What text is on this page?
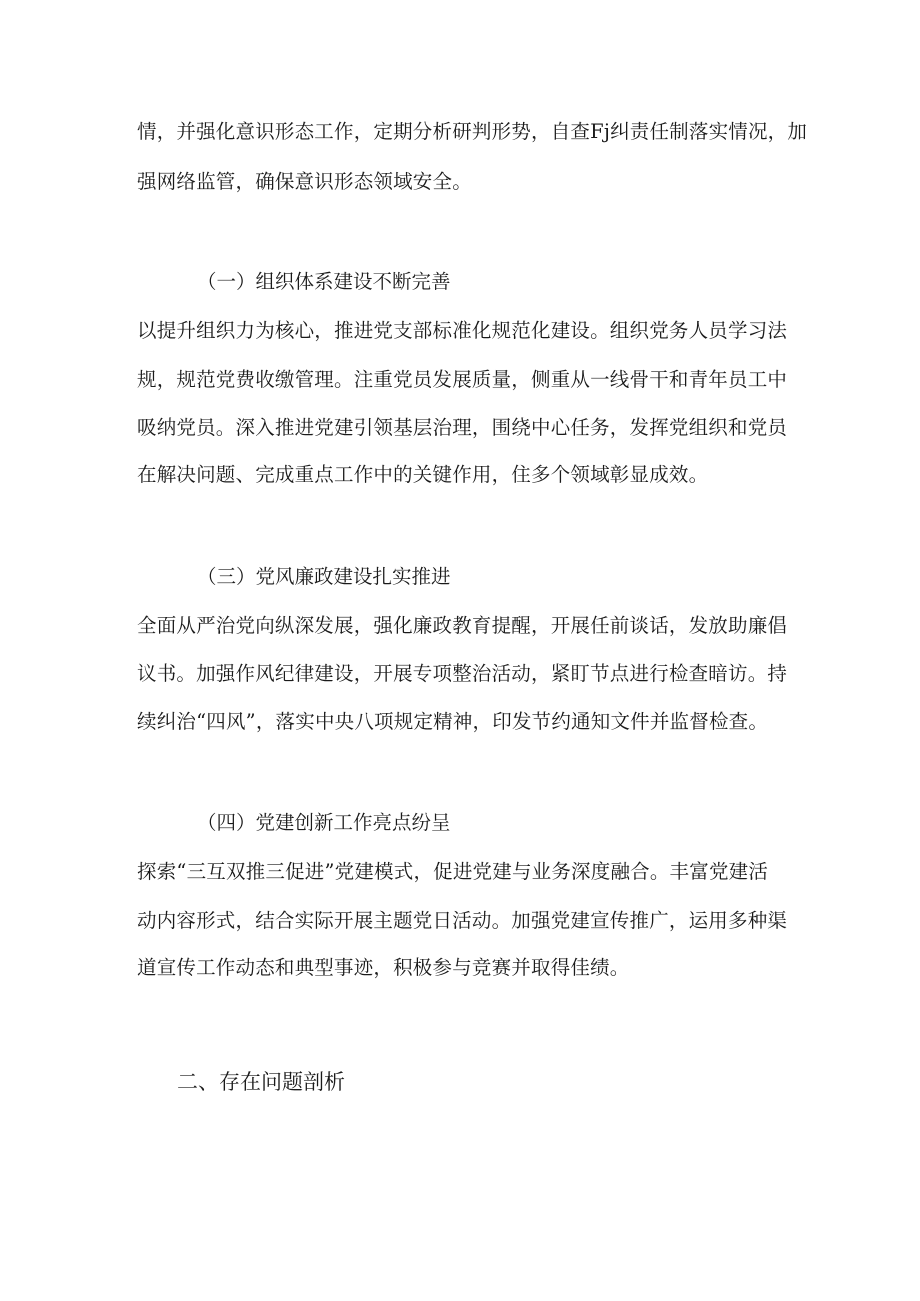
情，并强化意识形态工作，定期分析研判形势，自查Fj纠责任制落实情况，加
强网络监管，确保意识形态领域安全。
（一）组织体系建设不断完善
以提升组织力为核心，推进党支部标准化规范化建设。组织党务人员学习法
规，规范党费收缴管理。注重党员发展质量，侧重从一线骨干和青年员工中
吸纳党员。深入推进党建引领基层治理，围绕中心任务，发挥党组织和党员
在解决问题、完成重点工作中的关键作用，住多个领域彰显成效。
（三）党风廉政建设扎实推进
全面从严治党向纵深发展，强化廉政教育提醒，开展任前谈话，发放助廉倡
议书。加强作风纪律建设，开展专项整治活动，紧盯节点进行检查暗访。持
续纠治“四风”，落实中央八项规定精神，印发节约通知文件并监督检查。
（四）党建创新工作亮点纷呈
探索“三互双推三促进”党建模式，促进党建与业务深度融合。丰富党建活
动内容形式，结合实际开展主题党日活动。加强党建宣传推广，运用多种渠
道宣传工作动态和典型事迹，积极参与竞赛并取得佳绩。
二、存在问题剖析
